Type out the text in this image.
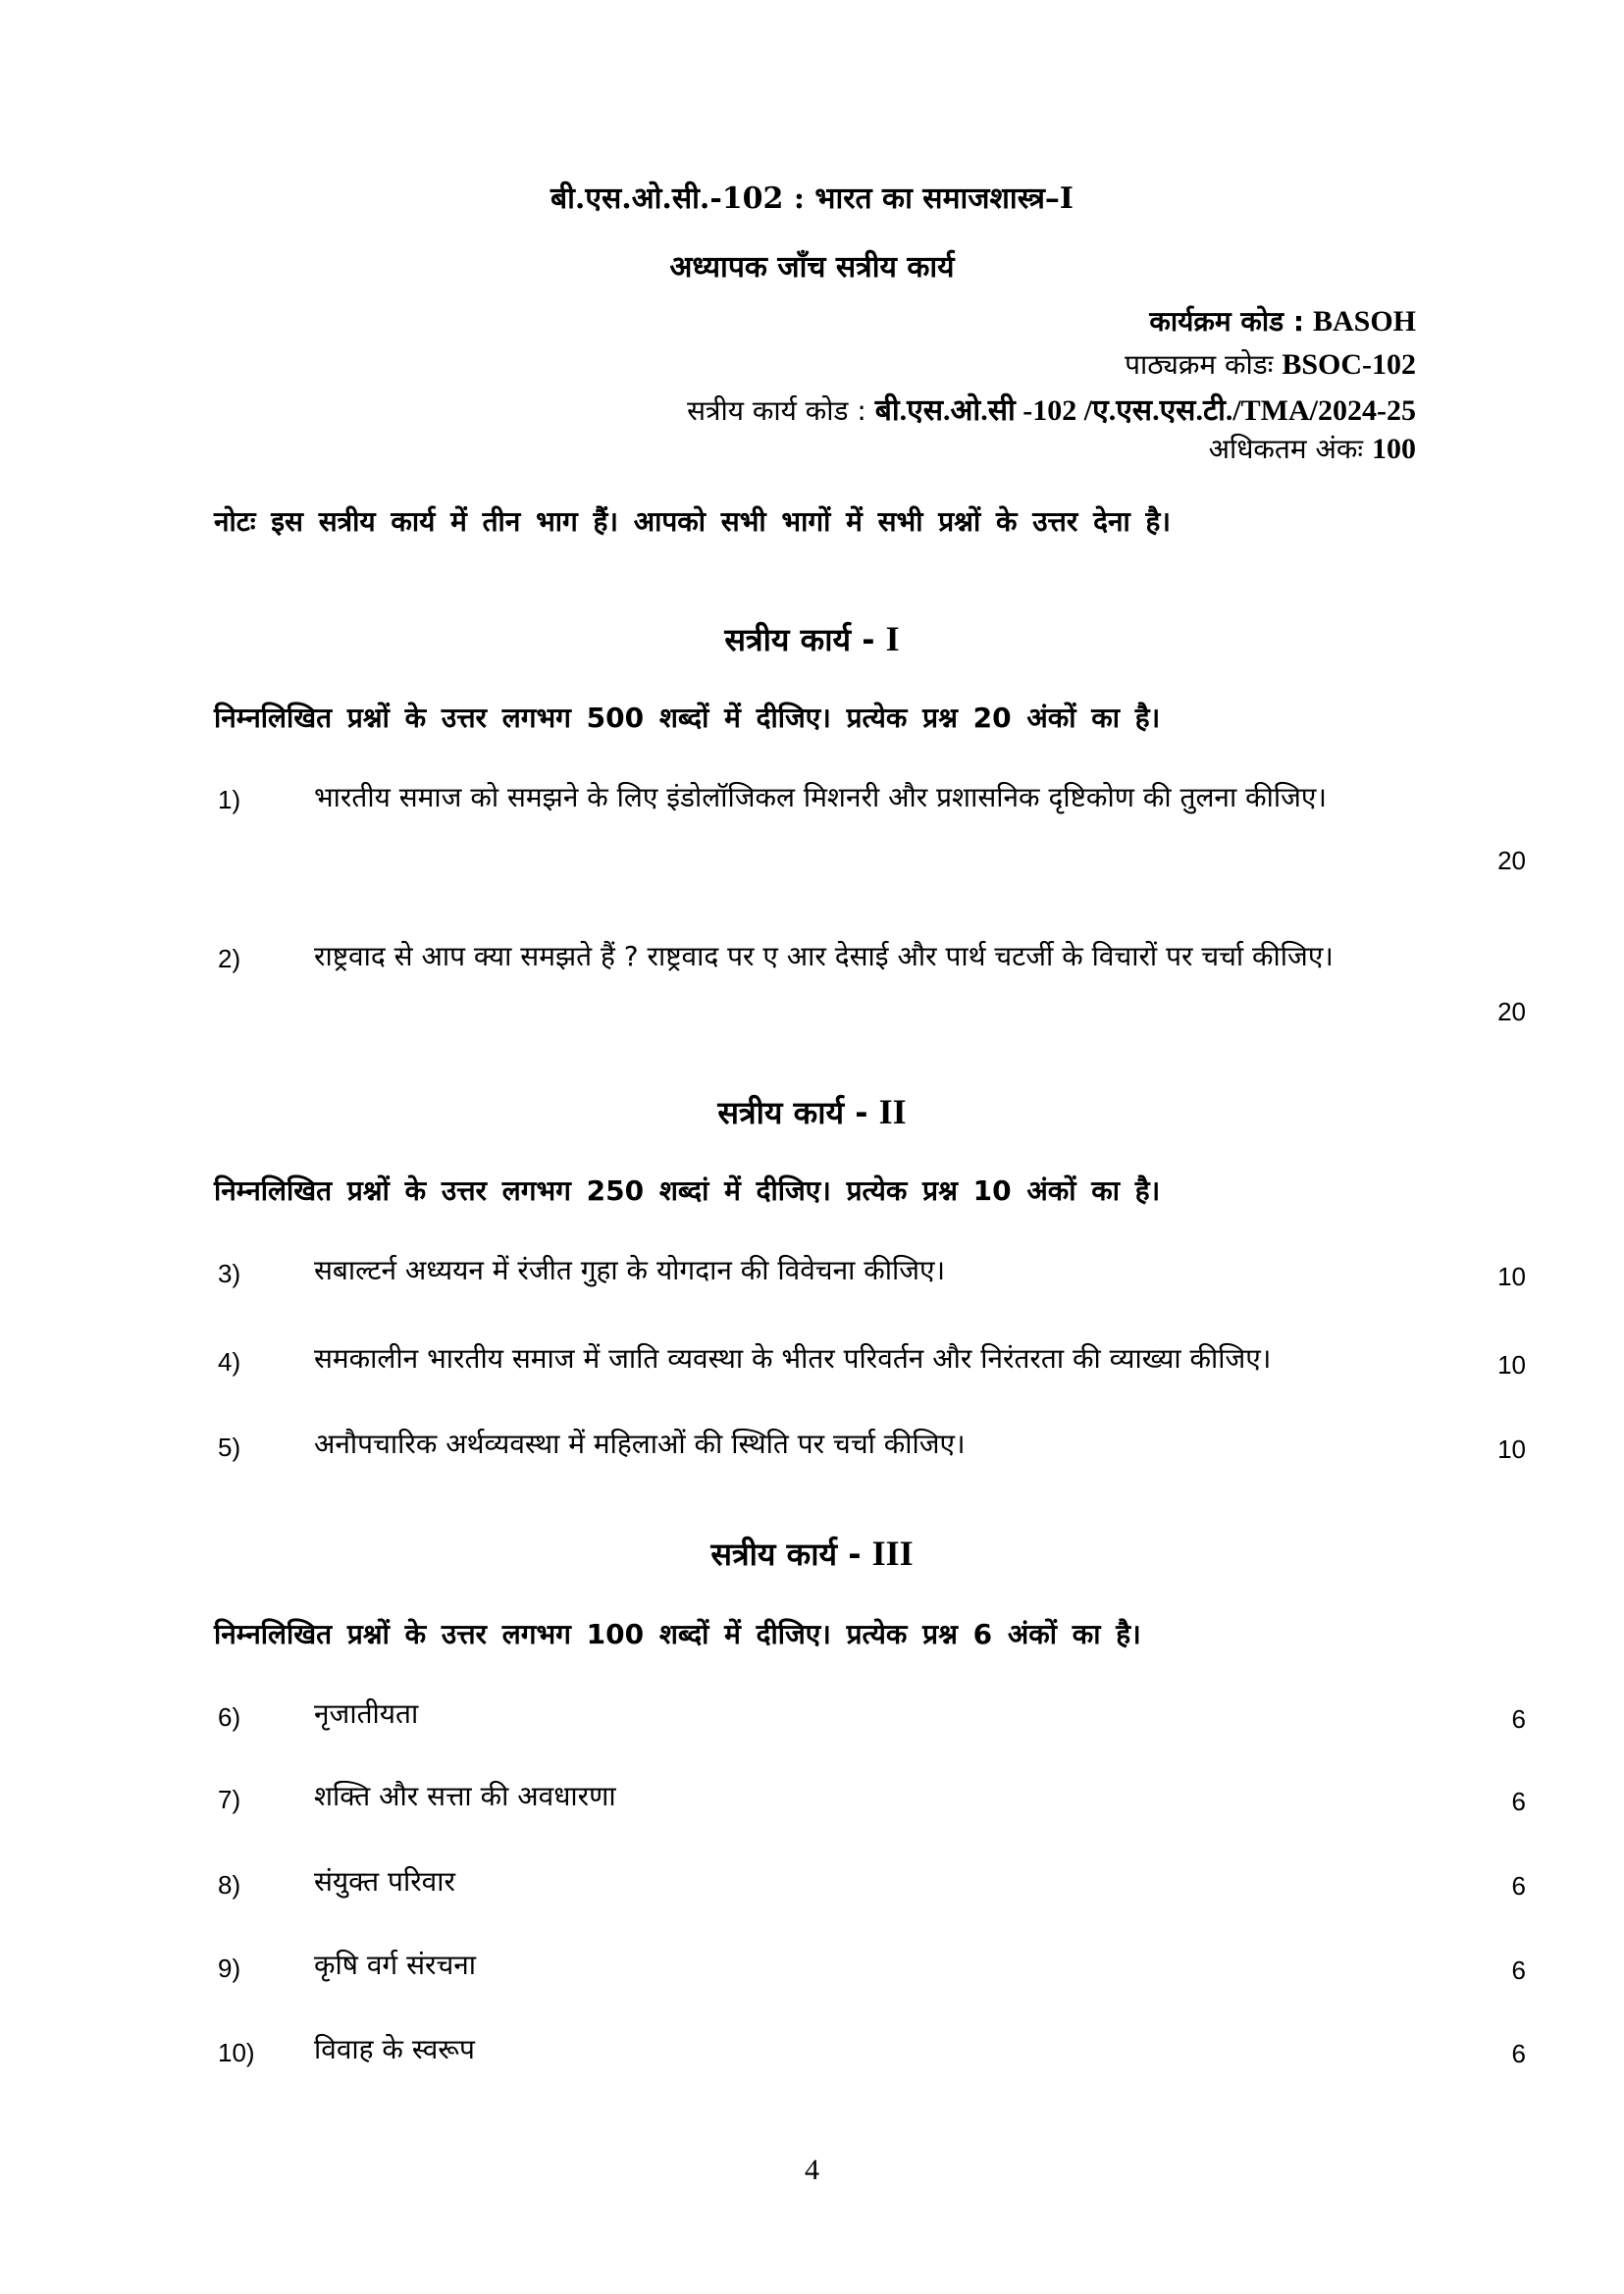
बी.एस.ओ.सी.-102 : भारत का समाजशास्त्र–I
अध्यापक जाँच सत्रीय कार्य
कार्यक्रम कोड : BASOH
पाठ्यक्रम कोडः BSOC-102
सत्रीय कार्य कोड : बी.एस.ओ.सी -102 /ए.एस.एस.टी./TMA/2024-25
अधिकतम अंकः 100
नोटः इस सत्रीय कार्य में तीन भाग हैं। आपको सभी भागों में सभी प्रश्नों के उत्तर देना है।
सत्रीय कार्य - I
निम्नलिखित प्रश्नों के उत्तर लगभग 500 शब्दों में दीजिए। प्रत्येक प्रश्न 20 अंकों का है।
1)	भारतीय समाज को समझने के लिए इंडोलॉजिकल मिशनरी और प्रशासनिक दृष्टिकोण की तुलना कीजिए।
20
2)	राष्ट्रवाद से आप क्या समझते हैं ? राष्ट्रवाद पर ए आर देसाई और पार्थ चटर्जी के विचारों पर चर्चा कीजिए।
20
सत्रीय कार्य - II
निम्नलिखित प्रश्नों के उत्तर लगभग 250 शब्दां में दीजिए। प्रत्येक प्रश्न 10 अंकों का है।
3)	सबाल्टर्न अध्ययन में रंजीत गुहा के योगदान की विवेचना कीजिए।	10
4)	समकालीन भारतीय समाज में जाति व्यवस्था के भीतर परिवर्तन और निरंतरता की व्याख्या कीजिए।	10
5)	अनौपचारिक अर्थव्यवस्था में महिलाओं की स्थिति पर चर्चा कीजिए।	10
सत्रीय कार्य - III
निम्नलिखित प्रश्नों के उत्तर लगभग 100 शब्दों में दीजिए। प्रत्येक प्रश्न 6 अंकों का है।
6)	नृजातीयता	6
7)	शक्ति और सत्ता की अवधारणा	6
8)	संयुक्त परिवार	6
9)	कृषि वर्ग संरचना	6
10) विवाह के स्वरूप	6
4
